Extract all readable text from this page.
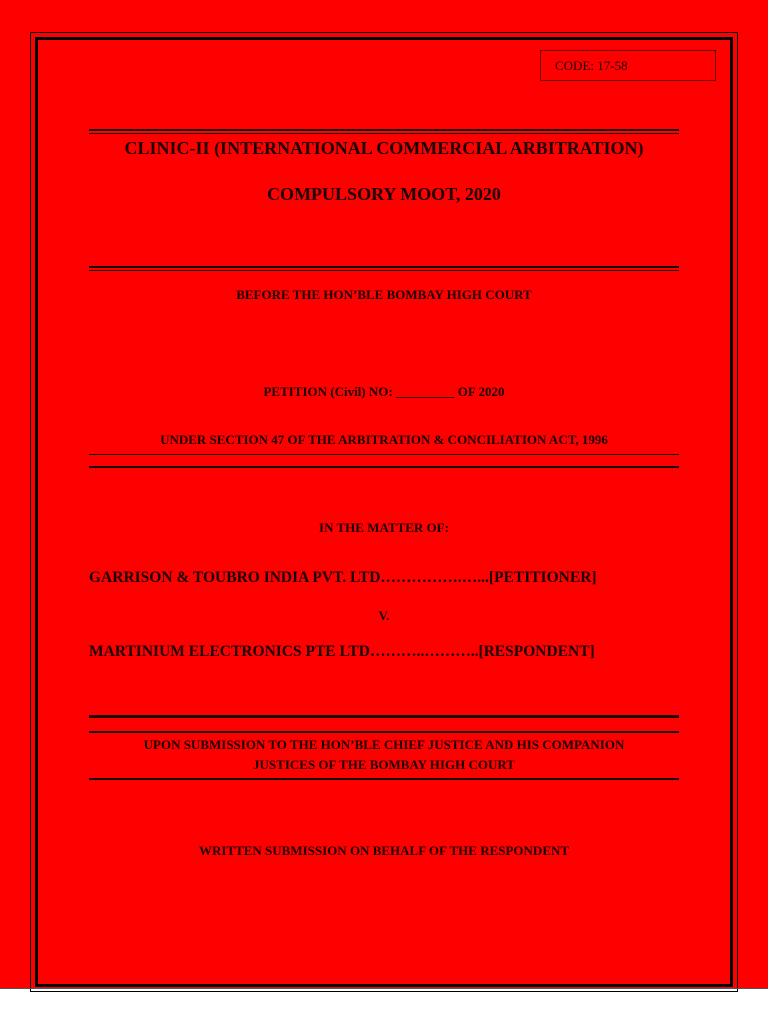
CODE: 17-58
CLINIC-II (INTERNATIONAL COMMERCIAL ARBITRATION)
COMPULSORY MOOT, 2020
BEFORE THE HON’BLE BOMBAY HIGH COURT
PETITION (Civil) NO: _________ OF 2020
UNDER SECTION 47 OF THE ARBITRATION & CONCILIATION ACT, 1996
IN THE MATTER OF:
GARRISON & TOUBRO INDIA PVT. LTD…………….…...[PETITIONER]
V.
MARTINIUM ELECTRONICS PTE LTD………..………..[RESPONDENT]
UPON SUBMISSION TO THE HON’BLE CHIEF JUSTICE AND HIS COMPANION
JUSTICES OF THE BOMBAY HIGH COURT
WRITTEN SUBMISSION ON BEHALF OF THE RESPONDENT
